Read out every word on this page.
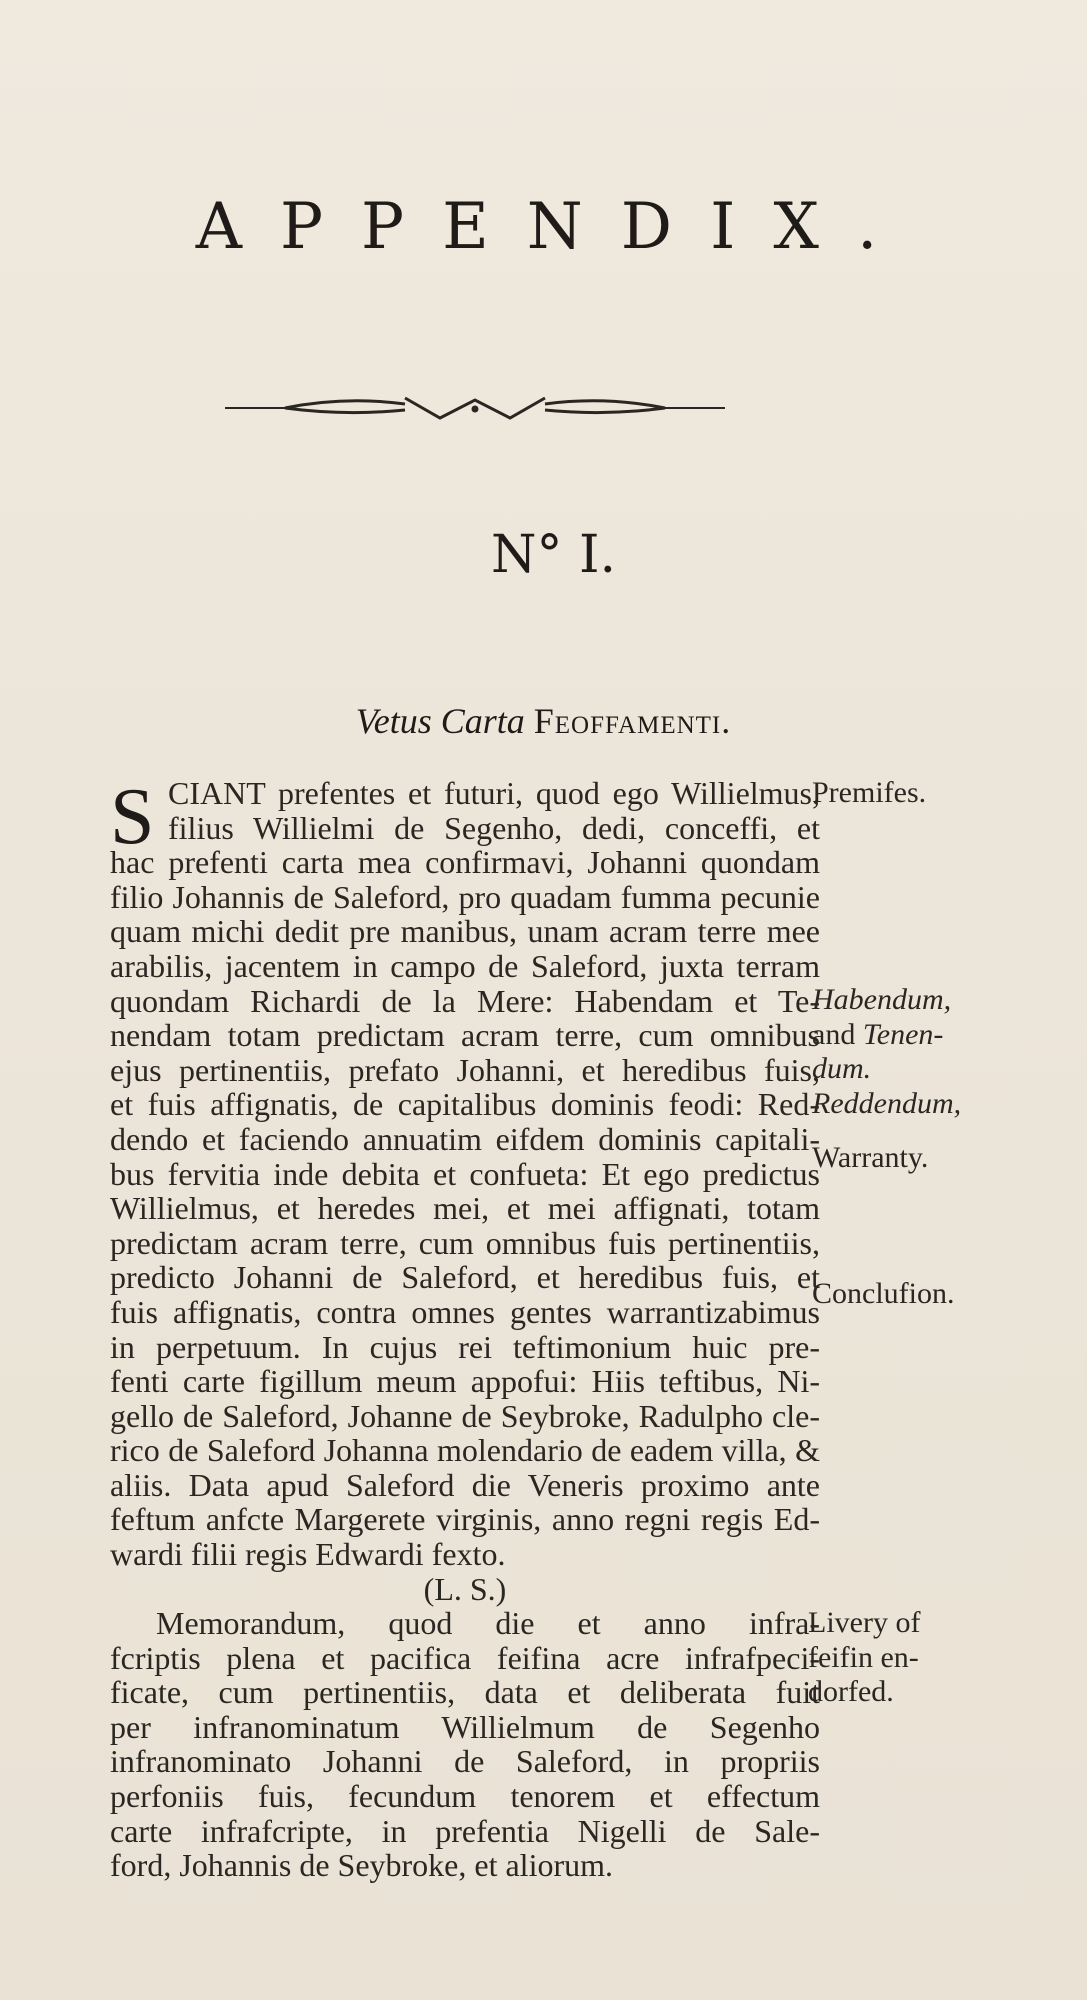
APPENDIX.
N° I.
Vetus Carta Feoffamenti.
S CIANT prefentes et futuri, quod ego Willielmus,
filius Willielmi de Segenho, dedi, conceffi, et
hac prefenti carta mea confirmavi, Johanni quondam
filio Johannis de Saleford, pro quadam fumma pecunie
quam michi dedit pre manibus, unam acram terre mee
arabilis, jacentem in campo de Saleford, juxta terram
quondam Richardi de la Mere: Habendam et Te-
nendam totam predictam acram terre, cum omnibus
ejus pertinentiis, prefato Johanni, et heredibus fuis,
et fuis affignatis, de capitalibus dominis feodi: Red-
dendo et faciendo annuatim eifdem dominis capitali-
bus fervitia inde debita et confueta: Et ego predictus
Willielmus, et heredes mei, et mei affignati, totam
predictam acram terre, cum omnibus fuis pertinentiis,
predicto Johanni de Saleford, et heredibus fuis, et
fuis affignatis, contra omnes gentes warrantizabimus
in perpetuum. In cujus rei teftimonium huic pre-
fenti carte figillum meum appofui: Hiis teftibus, Ni-
gello de Saleford, Johanne de Seybroke, Radulpho cle-
rico de Saleford Johanna molendario de eadem villa, &
aliis. Data apud Saleford die Veneris proximo ante
feftum anfcte Margerete virginis, anno regni regis Ed-
wardi filii regis Edwardi fexto.
(L. S.)
Memorandum, quod die et anno infra-
fcriptis plena et pacifica feifina acre infrafpeci-
ficate, cum pertinentiis, data et deliberata fuit
per infranominatum Willielmum de Segenho
infranominato Johanni de Saleford, in propriis
perfoniis fuis, fecundum tenorem et effectum
carte infrafcripte, in prefentia Nigelli de Sale-
ford, Johannis de Seybroke, et aliorum.
Premifes.
Habendum,
and Tenen-
dum.
Reddendum,
Warranty.
Conclufion.
Livery of
feifin en-
dorfed.
